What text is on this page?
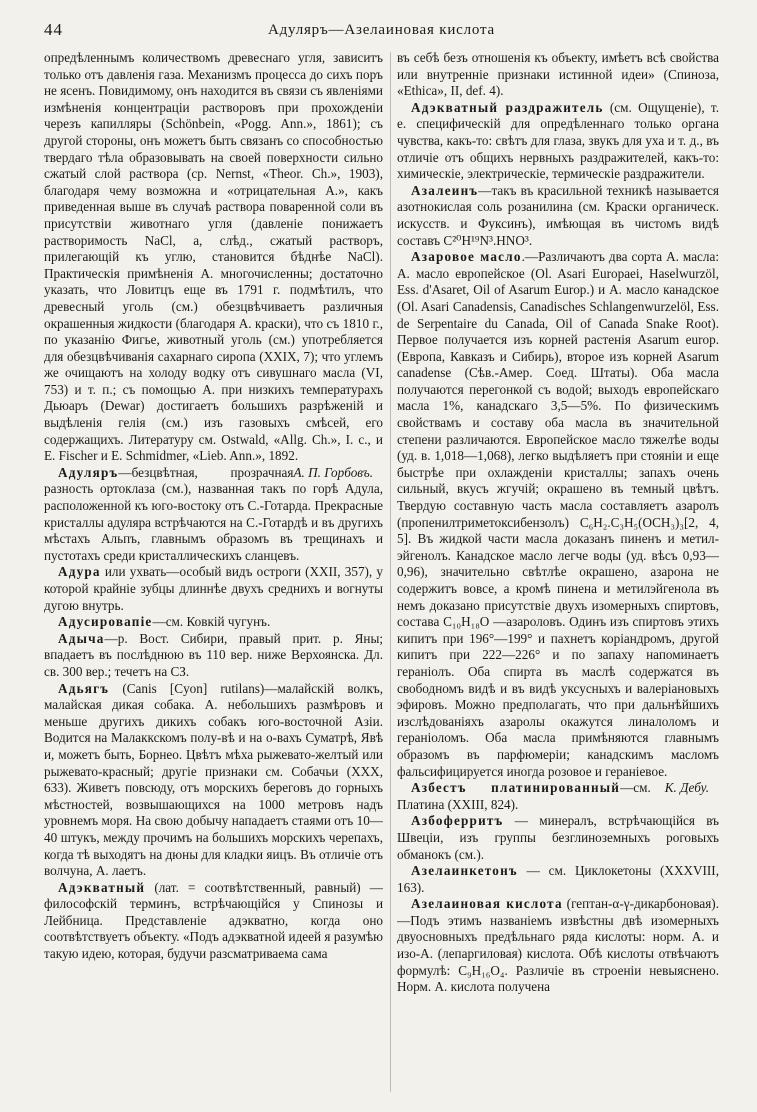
44	Адуляръ—Азелаиновая кислота

опредѣленнымъ количествомъ древеснаго угля, зависитъ только отъ давленія газа. Механизмъ процесса до сихъ поръ не ясенъ. Повидимому, онъ находится въ связи съ явленіями измѣненія концентраціи растворовъ при прохожденіи черезъ капилляры (Schönbein, «Pogg. Ann.», 1861); съ другой стороны, онъ можетъ быть связанъ со способностью твердаго тѣла образовывать на своей поверхности сильно сжатый слой раствора (ср. Nernst, «Theor. Ch.», 1903), благодаря чему возможна и «отрицательная А.», какъ приведенная выше въ случаѣ раствора поваренной соли въ присутствіи животнаго угля (давленіе понижаетъ растворимость NaCl, а, слѣд., сжатый растворъ, прилегающій къ углю, становится бѣднѣе NaCl). Практическія примѣненія А. многочисленны; достаточно указать, что Ловитцъ еще въ 1791 г. подмѣтилъ, что древесный уголь (см.) обезцвѣчиваетъ различныя окрашенныя жидкости (благодаря А. краски), что съ 1810 г., по указанію Фигье, животный уголь (см.) употребляется для обезцвѣчиванія сахарнаго сиропа (XXIX, 7); что углемъ же очищаютъ на холоду водку отъ сивушнаго масла (VI, 753) и т. п.; съ помощью А. при низкихъ температурахъ Дьюаръ (Dewar) достигаетъ большихъ разрѣженій и выдѣленія гелія (см.) изъ газовыхъ смѣсей, его содержащихъ. Литературу см. Ostwald, «Allg. Ch.», I. c., и E. Fischer и E. Schmidmer, «Lieb. Ann.», 1892.
А. П. Горбовъ.

Адуляръ—безцвѣтная, прозрачная разность ортоклаза (см.), названная такъ по горѣ Адула, расположенной къ юго-востоку отъ С.-Готарда. Прекрасные кристаллы адуляра встрѣчаются на С.-Готардѣ и въ другихъ мѣстахъ Альпъ, главнымъ образомъ въ трещинахъ и пустотахъ среди кристаллическихъ сланцевъ.

Адура или ухвать—особый видъ остроги (XXII, 357), у которой крайніе зубцы длиннѣе двухъ среднихъ и вогнуты дугою внутрь.

Адусировапіе—см. Ковкій чугунъ.

Адыча—р. Вост. Сибири, правый прит. р. Яны; впадаетъ въ послѣднюю въ 110 вер. ниже Верхоянска. Дл. св. 300 вер.; течетъ на СЗ.

Адьягъ (Canis [Cyon] rutilans)—малайскій волкъ, малайская дикая собака. А. небольшихъ размѣровъ и меньше другихъ дикихъ собакъ юго-восточной Азіи. Водится на Малаккскомъ полу-вѣ и на о-вахъ Суматрѣ, Явѣ и, можетъ быть, Борнео. Цвѣтъ мѣха рыжевато-желтый или рыжевато-красный; другіе признаки см. Собачьи (XXX, 633). Живетъ повсюду, отъ морскихъ береговъ до горныхъ мѣстностей, возвышающихся на 1000 метровъ надъ уровнемъ моря. На свою добычу нападаетъ стаями отъ 10—40 штукъ, между прочимъ на большихъ морскихъ черепахъ, когда тѣ выходятъ на дюны для кладки яицъ. Въ отличіе отъ волчуна, А. лаетъ.

Адэкватный (лат. = соотвѣтственный, равный) — философскій терминъ, встрѣчающійся у Спинозы и Лейбница. Представленіе адэкватно, когда оно соотвѣтствуетъ объекту. «Подъ адэкватной идеей я разумѣю такую идею, которая, будучи разсматриваема сама

въ себѣ безъ отношенія къ объекту, имѣетъ всѣ свойства или внутренніе признаки истинной идеи» (Спиноза, «Ethica», II, def. 4).

Адэкватный раздражитель (см. Ощущеніе), т. е. специфическій для опредѣленнаго только органа чувства, какъ-то: свѣтъ для глаза, звукъ для уха и т. д., въ отличіе отъ общихъ нервныхъ раздражителей, какъ-то: химическіе, электрическіе, термическіе раздражители.

Азалеинъ—такъ въ красильной техникѣ называется азотнокислая соль розанилина (см. Краски органическ. искусств. и Фуксинъ), имѣющая въ чистомъ видѣ составъ C²⁰H¹⁹N³.HNO³.

Азаровое масло.—Различаютъ два сорта А. масла: А. масло европейское (Ol. Asari Europaei, Haselwurzöl, Ess. d'Asaret, Oil of Asarum Europ.) и А. масло канадское (Ol. Asari Canadensis, Canadisches Schlangenwurzelöl, Ess. de Serpentaire du Canada, Oil of Canada Snake Root). Первое получается изъ корней растенія Asarum europ. (Европа, Кавказъ и Сибирь), второе изъ корней Asarum canadense (Сѣв.-Амер. Соед. Штаты). Оба масла получаются перегонкой съ водой; выходъ европейскаго масла 1%, канадскаго 3,5—5%. По физическимъ свойствамъ и составу оба масла въ значительной степени различаются. Европейское масло тяжелѣе воды (уд. в. 1,018—1,068), легко выдѣляетъ при стояніи и еще быстрѣе при охлажденіи кристаллы; запахъ очень сильный, вкусъ жгучій; окрашено въ темный цвѣтъ. Твердую составную часть масла составляетъ азаролъ (пропенилтриметоксибензолъ) C₆H₂.C₃H₅(OCH₃)₃[2, 4, 5]. Въ жидкой части масла доказанъ пиненъ и метил-эйгенолъ. Канадское масло легче воды (уд. вѣсъ 0,93—0,96), значительно свѣтлѣе окрашено, азарона не содержитъ вовсе, а кромѣ пинена и метилэйгенола въ немъ доказано присутствіе двухъ изомерныхъ спиртовъ, состава C₁₀H₁₈O —азароловъ. Одинъ изъ спиртовъ этихъ кипитъ при 196°—199° и пахнетъ коріандромъ, другой кипитъ при 222—226° и по запаху напоминаетъ гераніолъ. Оба спирта въ маслѣ содержатся въ свободномъ видѣ и въ видѣ уксусныхъ и валеріановыхъ эфировъ. Можно предполагать, что при дальнѣйшихъ изслѣдованіяхъ азаролы окажутся линалоломъ и гераніоломъ. Оба масла примѣняются главнымъ образомъ въ парфюмеріи; канадскимъ масломъ фальсифицируется иногда розовое и гераніевое.
К. Дебу.

Азбестъ платинированный—см. Платина (XXIII, 824).

Азбоферритъ — минералъ, встрѣчающійся въ Швеціи, изъ группы безглиноземныхъ роговыхъ обманокъ (см.).

Азелаинкетонъ — см. Циклокетоны (XXXVIII, 163).

Азелаиновая кислота (гептан-α-γ-дикарбоновая).—Подъ этимъ названіемъ извѣстны двѣ изомерныхъ двуосновныхъ предѣльнаго ряда кислоты: норм. А. и изо-А. (лепаргиловая) кислота. Обѣ кислоты отвѣчаютъ формулѣ: C₉H₁₆O₄. Различіе въ строеніи невыяснено. Норм. А. кислота получена
